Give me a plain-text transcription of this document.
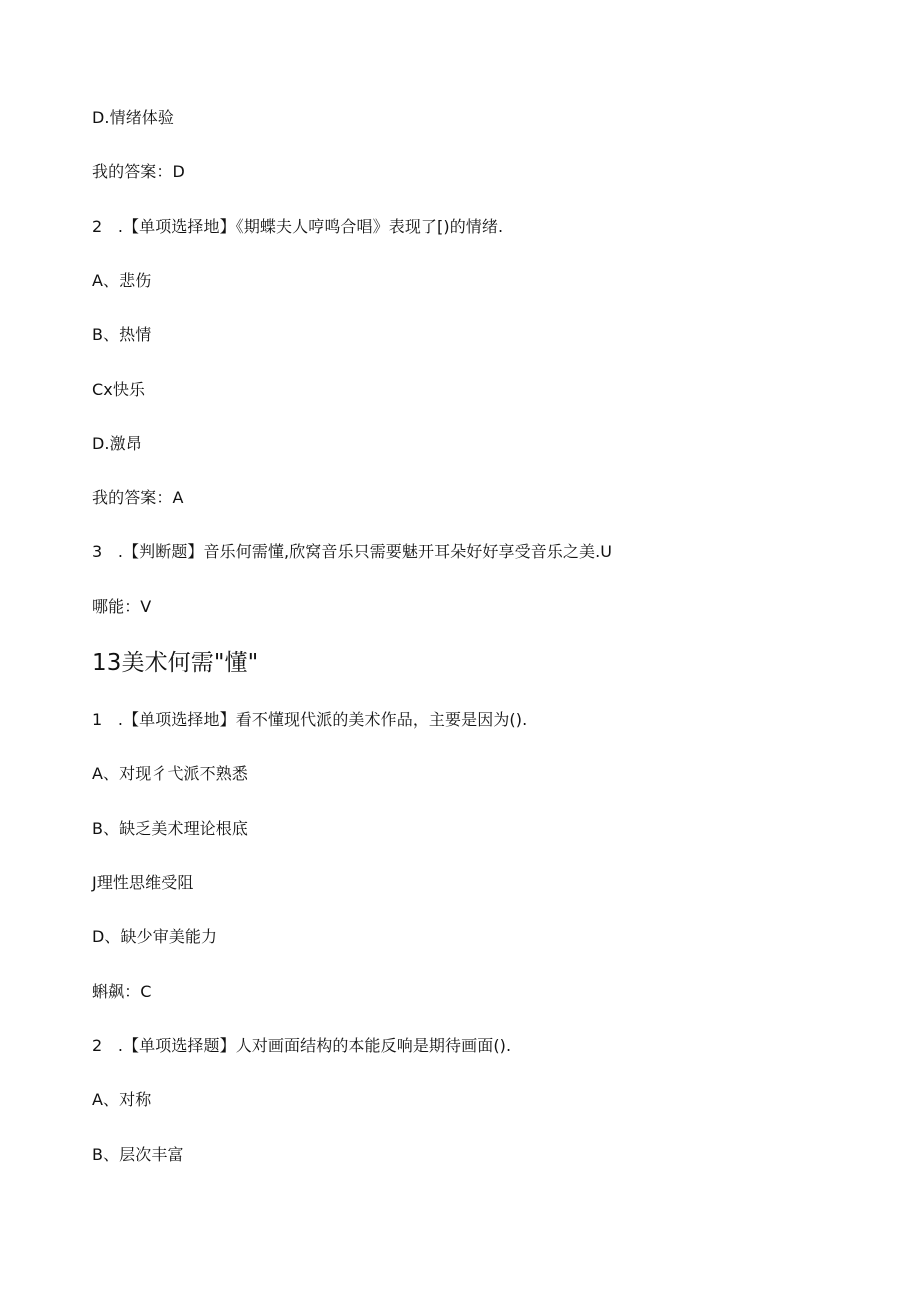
D.情绪体验
我的答案：D
2   .【单项选择地】《期蝶夫人哼鸣合唱》表现了[)的情绪.
A、悲伤
B、热情
Cx快乐
D.激昂
我的答案：A
3   .【判断题】音乐何需懂,欣窝音乐只需要魅开耳朵好好享受音乐之美.U
哪能：V
13美术何需"懂"
1   .【单项选择地】看不懂现代派的美术作品，主要是因为().
A、对现彳弋派不熟悉
B、缺乏美术理论根底
J理性思维受阻
D、缺少审美能力
蝌飙：C
2   .【单项选择题】人对画面结构的本能反响是期待画面().
A、对称
B、层次丰富
